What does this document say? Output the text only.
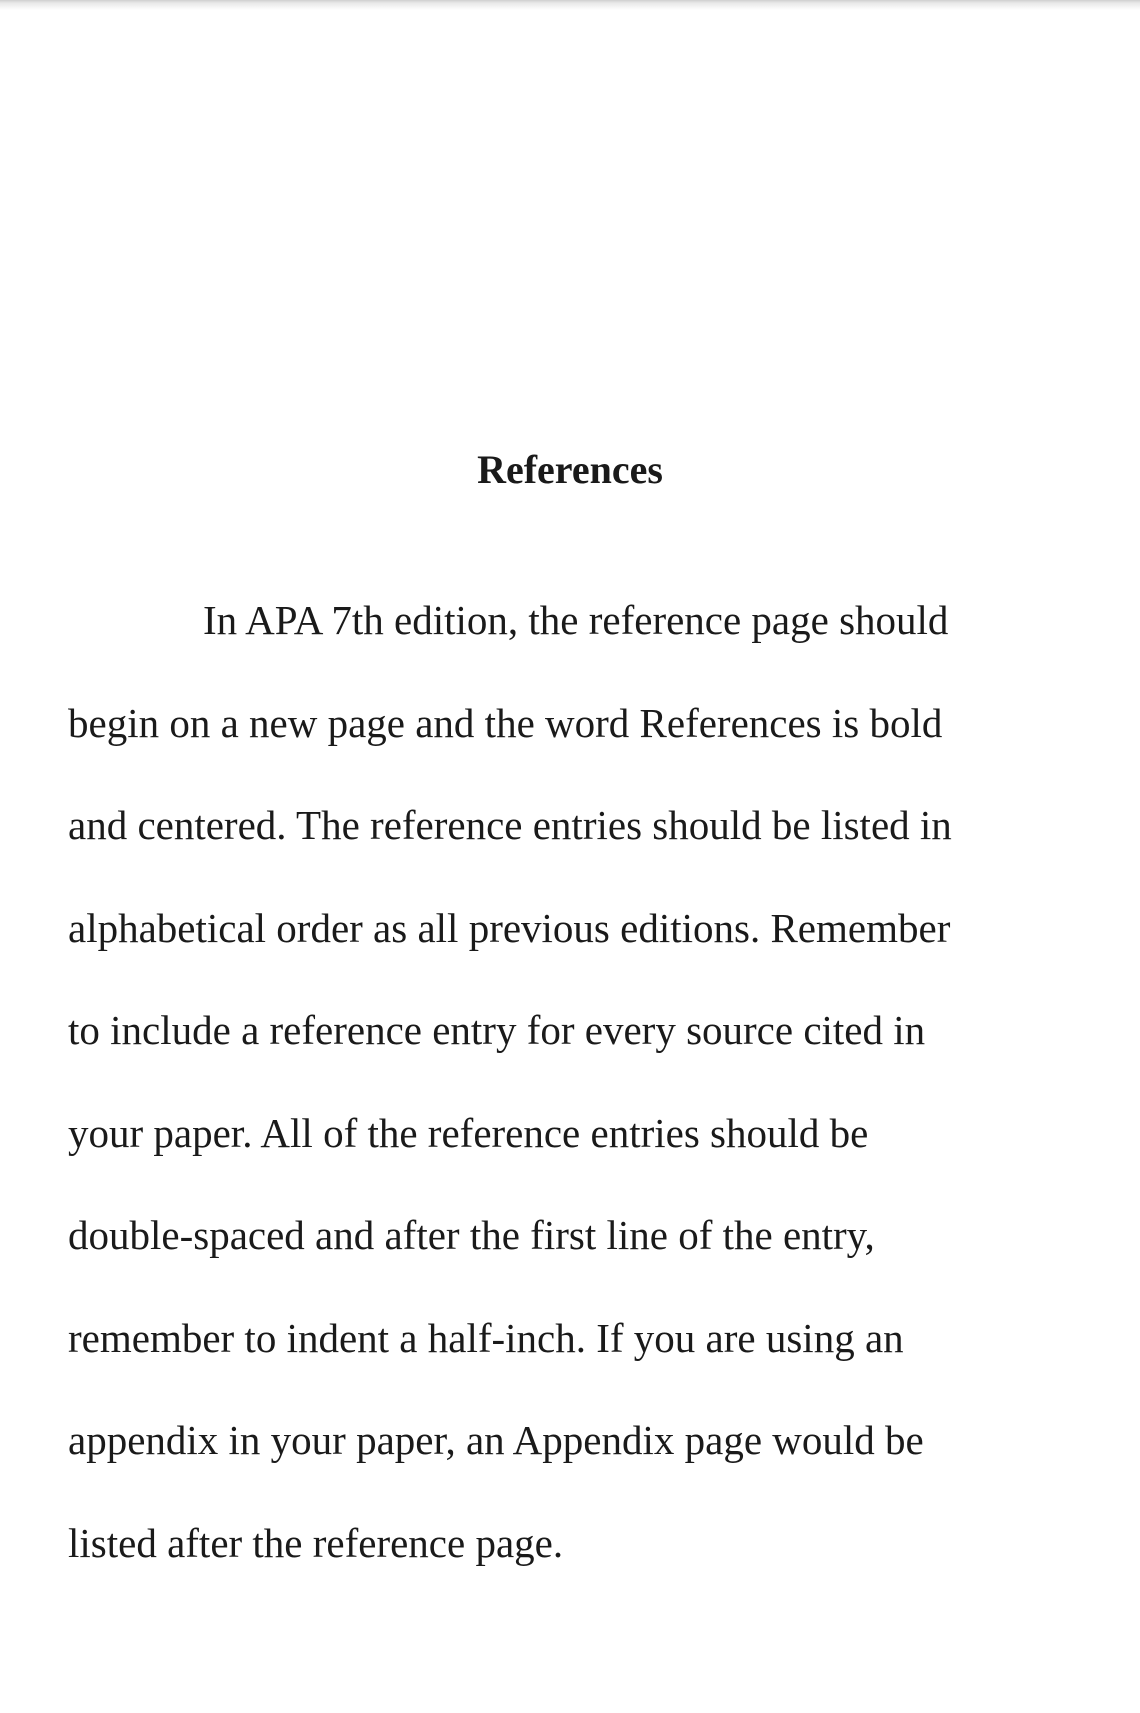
References
In APA 7th edition, the reference page should
begin on a new page and the word References is bold
and centered. The reference entries should be listed in
alphabetical order as all previous editions. Remember
to include a reference entry for every source cited in
your paper. All of the reference entries should be
double-spaced and after the first line of the entry,
remember to indent a half-inch. If you are using an
appendix in your paper, an Appendix page would be
listed after the reference page.
